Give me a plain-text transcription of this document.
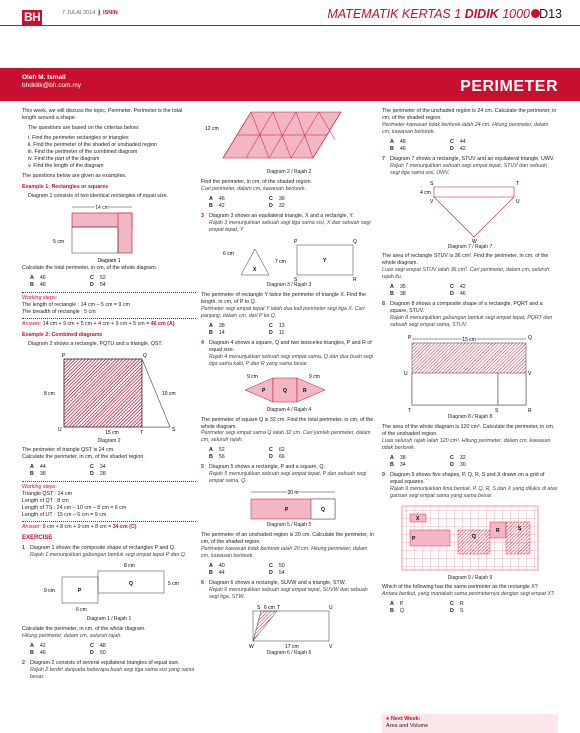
BH	7 JULAI 2014 ❙ ISNIN	MATEMATIK KERTAS 1 DIDIK 1000 D13
Oleh M. Ismail
bhdidik@bh.com.my	PERIMETER

This week, we will discuss the topic, Perimeter. Perimeter is the total length around a shape.

The questions are based on the criterias below:

i. Find the perimeter rectangles or triangles
ii. Find the perimeter of the shaded or unshaded region
iii. Find the perimeter of the combined diagram
iv. Find the part of the diagram
v. Find the length of the diagram

The questions below are given as examples.

Example 1: Rectangles or squares

Diagram 1 consists of two identical rectangles of equal size.

14 cm
5 cm
Diagram 1

Calculate the total perimeter, in cm, of the whole diagram.

A 46	C 52
B 48	D 54
Working steps:
The length of rectangle : 14 cm – 5 cm = 9 cm
The breadth of rectangle : 5 cm

Answer: 14 cm + 9 cm + 5 cm + 4 cm + 9 cm + 5 cm = 46 cm (A)

Example 2: Combined diagrams

Diagram 2 shows a rectangle, PQTU and a triangle, QST.

P	Q
U	T	S
8 cm	10 cm
15 cm
Diagram 2

The perimeter of triangle QST is 24 cm.
Calculate the perimeter, in cm, of the shaded region.

A 44	C 34
B 38	D 28
Working steps:
Triangle QST : 24 cm
Length of QT : 8 cm
Length of TS : 24 cm – 10 cm – 8 cm = 6 cm
Length of UT : 15 cm – 6 cm = 9 cm

Answer: 9 cm + 8 cm + 9 cm + 8 cm = 34 cm (C)

EXERCISE
1 Diagram 1 shows the composite shape of rectangles P and Q.
Rajah 1 menunjukkan gabungan bentuk segi empat tepat P dan Q.
8 cm
P
Q
9 cm
5 cm
6 cm
Diagram 1 / Rajah 1

Calculate the perimeter, in cm, of the whole diagram.
Hitung perimeter, dalam cm, seluruh rajah.

A 42	C 48
B 46	D 50
2 Diagram 2 consists of several equilateral triangles of equal size.
Rajah 2 terdiri daripada beberapa buah segi tiga sama sisi yang sama besar.
12 cm
Diagram 2 / Rajah 2

Find the perimeter, in cm, of the shaded region.
Cari perimeter, dalam cm, kawasan berlorek.

A 46	C 36
B 42	D 32
3 Diagram 3 shows an equilateral triangle, X and a rectangle, Y.
Rajah 3 menunjukkan sebuah segi tiga sama sisi, X dan sebuah segi empat tepat, Y
6 cm
7 cm
X
Y
P	Q
R
S
Diagram 3 / Rajah 3

The perimeter of rectangle Y twice the perimeter of triangle X. Find the length, in cm, of P to Q.
Perimeter segi empat tepat Y ialah dua kali perimeter segi tiga X. Cari panjang, dalam cm, dari P ke Q.

A 38	C 13
B 14	D 11
4 Diagram 4 shows a square, Q and two isosceles triangles, P and R of equal size.
Rajah 4 menunjukkan sebuah segi empat sama, Q dan dua buah segi tiga sama kaki, P dan R yang sama besar.
9 cm	9 cm
P	Q	R
Diagram 4 / Rajah 4

The perimeter of square Q is 32 cm. Find the total perimeter, in cm, of the whole diagram.
Perimeter segi empat sama Q ialah 32 cm. Cari jumlah perimeter, dalam cm, seluruh rajah.

A 52	C 62
B 56	D 66
5 Diagram 5 shows a rectangle, P and a square, Q.
Rajah 5 menunjukkan sebuah segi empat tepat, P dan sebuah segi empat sama, Q.
20 m
P	Q
Diagram 5 / Rajah 5

The perimeter of an unshaded region is 20 cm. Calculate the perimeter, in cm, of the shaded region.
Perimeter kawasan tidak berlorek ialah 20 cm. Hitung perimeter, dalam cm, kawasan berlorek.

A 40	C 50
B 44	D 54
6 Diagram 6 shows a rectangle, SUVW and a triangle, STW.
Rajah 6 menunjukkan sebuah segi empat tepat, SUVW dan sebuah segi tiga, STW.
S 6 cm T	U
W	17 cm	V
Diagram 6 / Rajah 6

The perimeter of the unshaded region is 24 cm. Calculate the perimeter, in cm, of the shaded region.
Perimeter kawasan tidak berlorek ialah 24 cm. Hitung perimeter, dalam cm, kawasan berlorek.

A 48	C 44
B 46	D 42
7 Diagram 7 shows a rectangle, STUV and an equilateral triangle, UWV.
Rajah 7 menunjukkan sebuah segi empat tepat, STUV dan sebuah segi tiga sama sisi, UWV.
S	T
4 cm
V	U
W
Diagram 7 / Rajah 7

The area of rectangle STUV is 36 cm². Find the perimeter, in cm, of the whole diagram.
Luas segi empat STUV ialah 36 cm². Cari perimeter, dalam cm, seluruh rajah itu.

A 35	C 42
B 38	D 46
8 Diagram 8 shows a composite shape of a rectangle, PQRT and a square, STUV.
Rajah 8 menunjukkan gabungan bentuk segi empat tepat, PQRT dan sebuah segi empat sama, STUV.
15 cm
P	Q
U	V
T	S	R
Diagram 8 / Rajah 8

The area of the whole diagram is 120 cm². Calculate the perimeter, in cm, of the unshaded region.
Luas seluruh rajah ialah 120 cm². Hitung perimeter, dalam cm, kawasan tidak berlorek.

A 38	C 32
B 34	D 30
9 Diagram 9 shows five shapes, P, Q, R, S and X drawn on a grid of equal squares.
Rajah 9 menunjukkan lima bentuk, P, Q, R, S dan X yang dilukis di atas garisan segi empat sama yang sama besar.
X
P	Q
R	S
Diagram 9 / Rajah 9

Which of the following has the same perimeter as the rectangle X?
Antara berikut, yang manakah sama perimeternya dengan segi empat X?

A P	C R
B Q	D S
● Next Week:
Area and Volume
